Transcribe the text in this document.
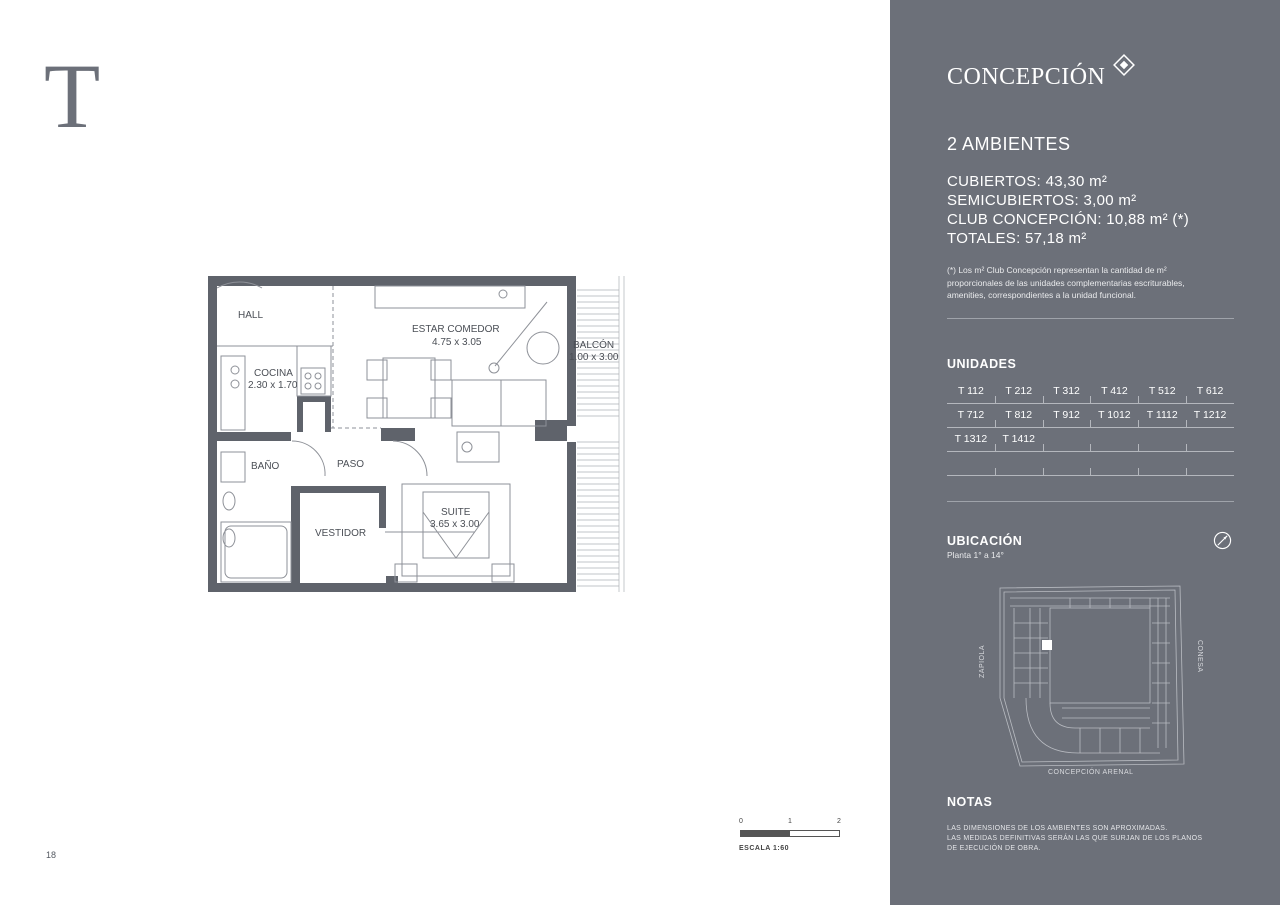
T
HALL
ESTAR COMEDOR
4.75 x 3.05	BALCÓN
1.00 x 3.00
COCINA
2.30 x 1.70
BAÑO	PASO
SUITE
3.65 x 3.00
VESTIDOR
0	1	2
ESCALA 1:60
18
CONCEPCIÓN
2 AMBIENTES
CUBIERTOS: 43,30 m²
SEMICUBIERTOS: 3,00 m²
CLUB CONCEPCIÓN: 10,88 m² (*)
TOTALES: 57,18 m²
(*) Los m² Club Concepción representan la cantidad de m² proporcionales de las unidades complementarias escriturables, amenities, correspondientes a la unidad funcional.
UNIDADES
T 112	T 212	T 312	T 412	T 512	T 612
T 712	T 812	T 912	T 1012	T 1112	T 1212
T 1312	T 1412
UBICACIÓN
Planta 1° a 14°
ZAPIOLA	CONESA
CONCEPCIÓN ARENAL
NOTAS
LAS DIMENSIONES DE LOS AMBIENTES SON APROXIMADAS.
LAS MEDIDAS DEFINITIVAS SERÁN LAS QUE SURJAN DE LOS PLANOS
DE EJECUCIÓN DE OBRA.
